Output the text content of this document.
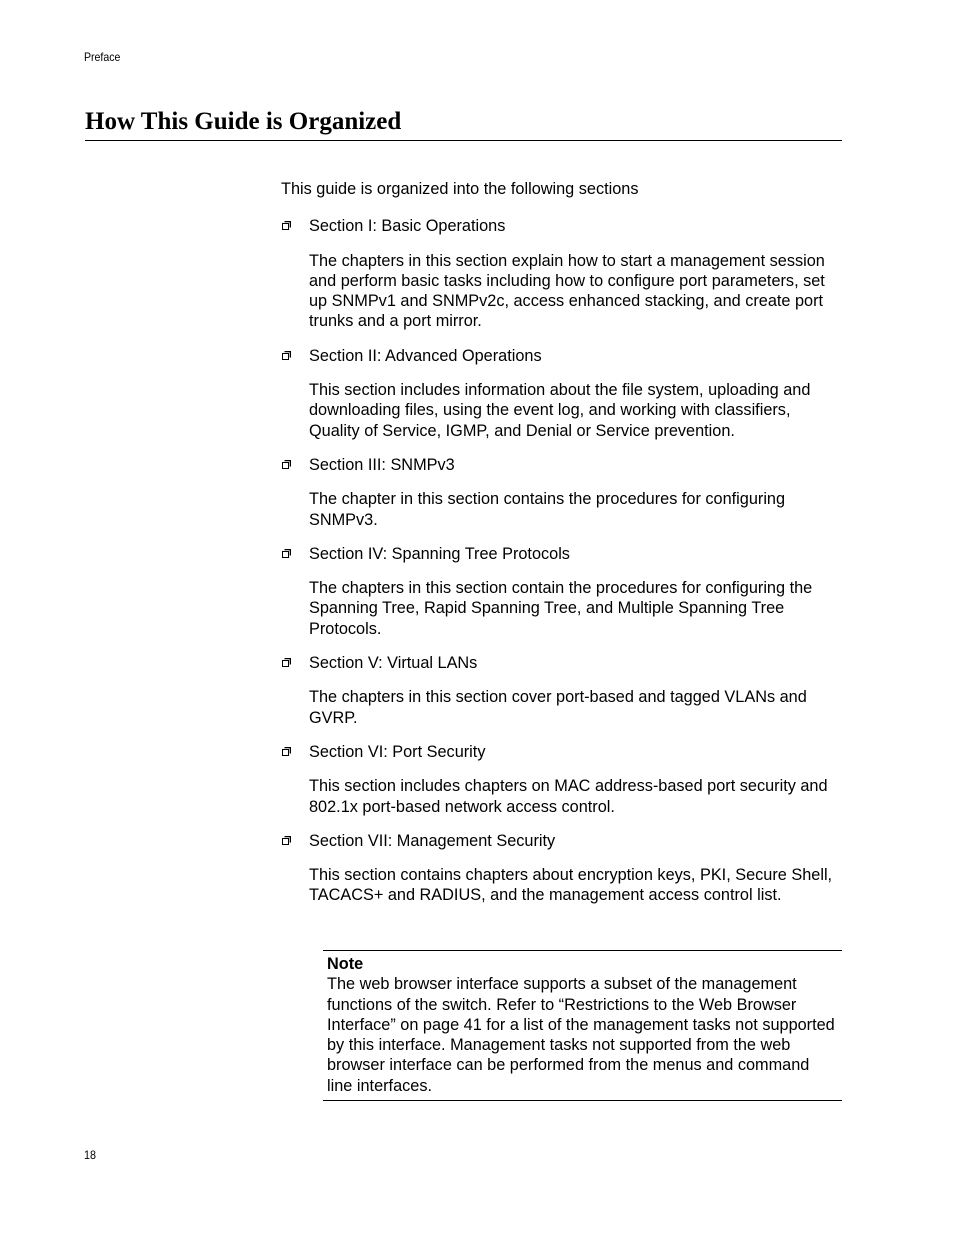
Preface
How This Guide is Organized

This guide is organized into the following sections

Section I: Basic Operations

The chapters in this section explain how to start a management session and perform basic tasks including how to configure port parameters, set up SNMPv1 and SNMPv2c, access enhanced stacking, and create port trunks and a port mirror.

Section II: Advanced Operations

This section includes information about the file system, uploading and downloading files, using the event log, and working with classifiers, Quality of Service, IGMP, and Denial or Service prevention.

Section III: SNMPv3

The chapter in this section contains the procedures for configuring SNMPv3.

Section IV: Spanning Tree Protocols

The chapters in this section contain the procedures for configuring the Spanning Tree, Rapid Spanning Tree, and Multiple Spanning Tree Protocols.

Section V: Virtual LANs

The chapters in this section cover port-based and tagged VLANs and GVRP.

Section VI: Port Security

This section includes chapters on MAC address-based port security and 802.1x port-based network access control.

Section VII: Management Security

This section contains chapters about encryption keys, PKI, Secure Shell, TACACS+ and RADIUS, and the management access control list.

Note
The web browser interface supports a subset of the management functions of the switch. Refer to “Restrictions to the Web Browser Interface” on page 41 for a list of the management tasks not supported by this interface. Management tasks not supported from the web browser interface can be performed from the menus and command line interfaces.
18
